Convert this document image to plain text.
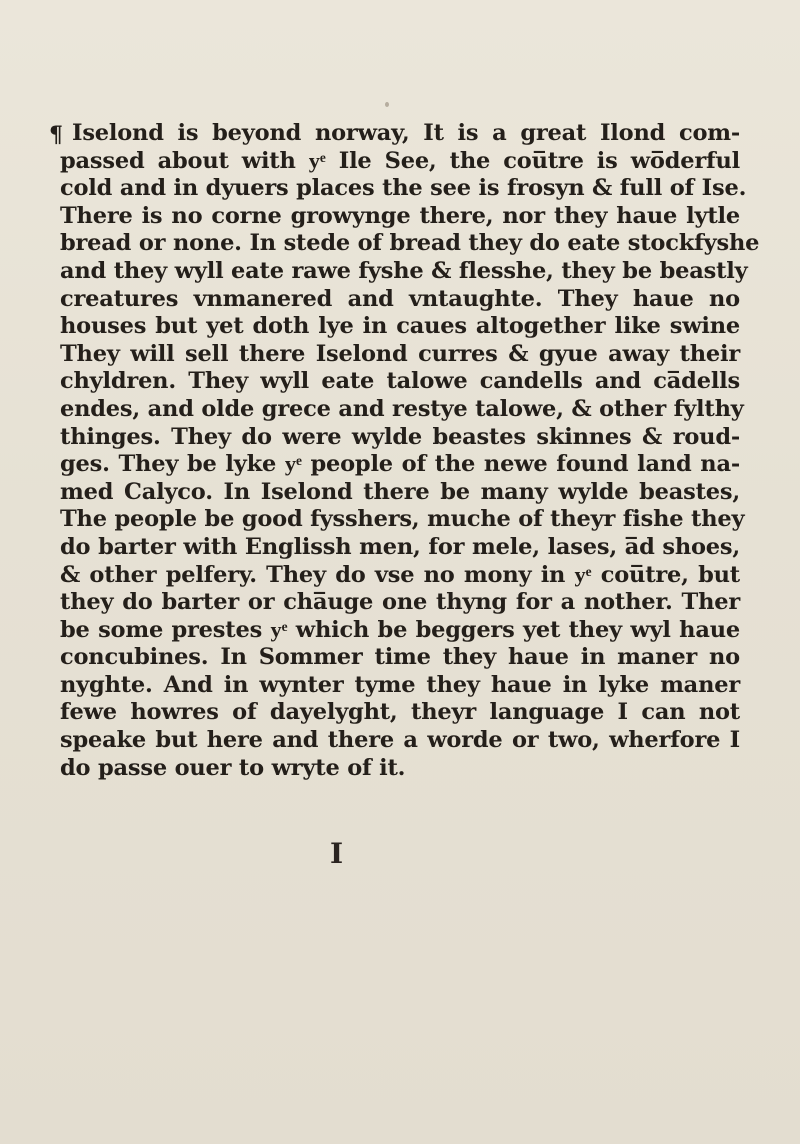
¶ Iselond is beyond norway, It is a great Ilond com-
passed about with yͤ Ile See, the cou̅tre is wo̅derful
cold and in dyuers places the see is frosyn & full of Ise.
There is no corne growynge there, nor they haue lytle
bread or none. In stede of bread they do eate stockfyshe
and they wyll eate rawe fyshe & flesshe, they be beastly
creatures vnmanered and vntaughte. They haue no
houses but yet doth lye in caues altogether like swine
They will sell there Iselond curres & gyue away their
chyldren. They wyll eate talowe candells and ca̅dells
endes, and olde grece and restye talowe, & other fylthy
thinges. They do were wylde beastes skinnes & roud-
ges. They be lyke yͤ people of the newe found land na-
med Calyco. In Iselond there be many wylde beastes,
The people be good fysshers, muche of theyr fishe they
do barter with Englissh men, for mele, lases, a̅d shoes,
& other pelfery. They do vse no mony in yͤ cou̅tre, but
they do barter or cha̅uge one thyng for a nother. Ther
be some prestes yͤ which be beggers yet they wyl haue
concubines. In Sommer time they haue in maner no
nyghte. And in wynter tyme they haue in lyke maner
fewe howres of dayelyght, theyr language I can not
speake but here and there a worde or two, wherfore I
do passe ouer to wryte of it.
I
